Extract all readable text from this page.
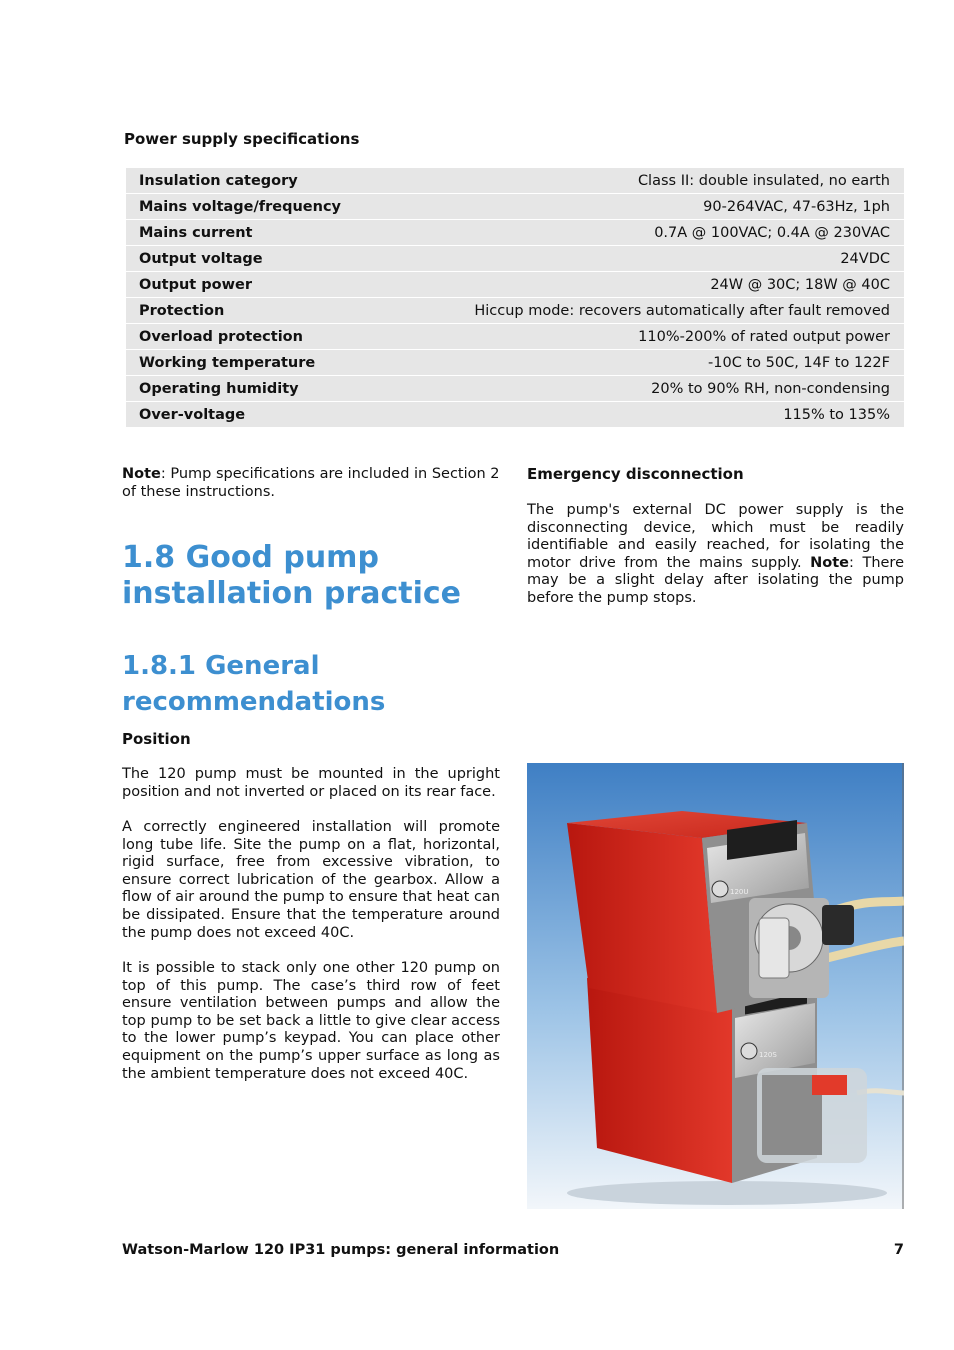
Power supply specifications
Insulation category	Class II: double insulated, no earth
Mains voltage/frequency	90-264VAC, 47-63Hz, 1ph
Mains current	0.7A @ 100VAC; 0.4A @ 230VAC
Output voltage	24VDC
Output power	24W @ 30C; 18W @ 40C
Protection	Hiccup mode: recovers automatically after fault removed
Overload protection	110%-200% of rated output power
Working temperature	-10C to 50C, 14F to 122F
Operating humidity	20% to 90% RH, non-condensing
Over-voltage	115% to 135%
Note: Pump specifications are included in Section 2 of these instructions.
1.8 Good pump installation practice
1.8.1 General recommendations
Position
The 120 pump must be mounted in the upright position and not inverted or placed on its rear face.
A correctly engineered installation will promote long tube life. Site the pump on a flat, horizontal, rigid surface, free from excessive vibration, to ensure correct lubrication of the gearbox. Allow a flow of air around the pump to ensure that heat can be dissipated. Ensure that the temperature around the pump does not exceed 40C.
It is possible to stack only one other 120 pump on top of this pump. The case’s third row of feet ensure ventilation between pumps and allow the top pump to be set back a little to give clear access to the lower pump’s keypad. You can place other equipment on the pump’s upper surface as long as the ambient temperature does not exceed 40C.
Emergency disconnection
The pump's external DC power supply is the disconnecting device, which must be readily identifiable and easily reached, for isolating the motor drive from the mains supply. Note: There may be a slight delay after isolating the pump before the pump stops.
120S
120U
Watson-Marlow 120 IP31 pumps: general information	7
